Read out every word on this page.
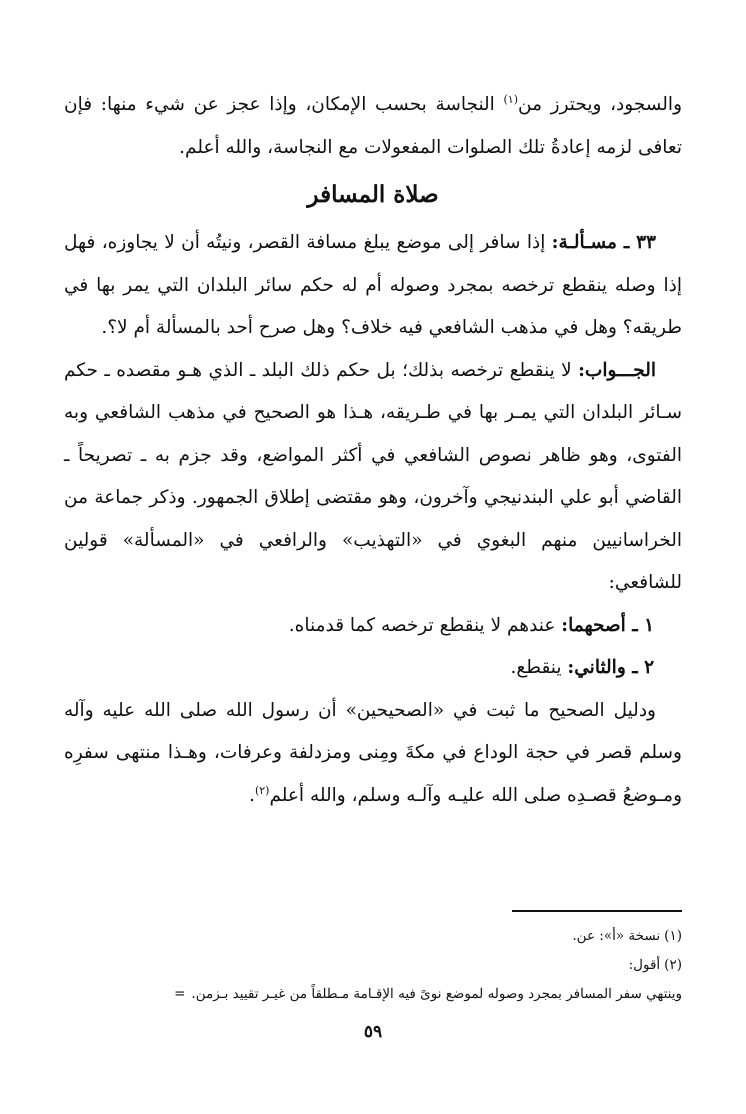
والسجود، ويحترز من$^{(١)}$ النجاسة بحسب الإمكان، وإذا عجز عن شيء منها: فإن تعافى لزمه إعادةُ تلك الصلوات المفعولات مع النجاسة، والله أعلم.

صلاة المسافر

٣٣ ـ مسـألـة: إذا سافر إلى موضع يبلغ مسافة القصر، ونيتُه أن لا يجاوزه، فهل إذا وصله ينقطع ترخصه بمجرد وصوله أم له حكم سائر البلدان التي يمر بها في طريقه؟ وهل في مذهب الشافعي فيه خلاف؟ وهل صرح أحد بالمسألة أم لا؟.

الجـــواب: لا ينقطع ترخصه بذلك؛ بل حكم ذلك البلد ـ الذي هـو مقصده ـ حكم سـائر البلدان التي يمـر بها في طـريقه، هـذا هو الصحيح في مذهب الشافعي وبه الفتوى، وهو ظاهر نصوص الشافعي في أكثر المواضع، وقد جزم به ـ تصريحاً ـ القاضي أبو علي البندنيجي وآخرون، وهو مقتضى إطلاق الجمهور. وذكر جماعة من الخراسانيين منهم البغوي في «التهذيب» والرافعي في «المسألة» قولين للشافعي:

١ ـ أصحهما: عندهم لا ينقطع ترخصه كما قدمناه.

٢ ـ والثاني: ينقطع.

ودليل الصحيح ما ثبت في «الصحيحين» أن رسول الله صلى الله عليه وآله وسلم قصر في حجة الوداع في مكةَ ومِنى ومزدلفة وعرفات، وهـذا منتهى سفرِه ومـوضعُ قصـدِه صلى الله عليـه وآلـه وسلم، والله أعلم$^{(٢)}$.

(١)نسخة «أ»: عن.

(٢)أقول:

وينتهي سفر المسافر بمجرد وصوله لموضع نوىً فيه الإقـامة مـطلقاً من غيـر تقييد بـزمن.=

٥٩
